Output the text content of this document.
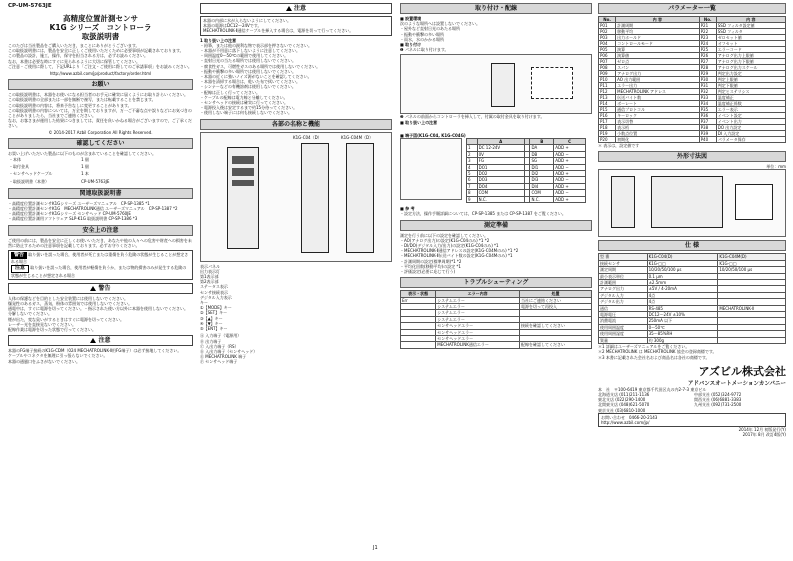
CP-UM-5763JE
高精度位置計測センサ
K1G シリーズ　コントローラ
取扱説明書
このたびは当社製品をご購入いただき，まことにありがとうございます。
この取扱説明書には，製品を安全に正しくご使用いただくために必要事項が記載されております。
この製品の設計，施工，操作，保守を担当される方は，必ずお読みください。
なお，本書は必要な時にすぐに見られるように大切に保管してください。
ご注意・ご使用に際して，下記URLより「ご注文・ご使用に際してのご承諾事項」をお読みください。
http://www.azbil.com/jp/product/factory/order.html
お願い
この取扱説明書は，本器をお使いになる担当者のお手元に確実に届くようにお取り計らいください。
この取扱説明書の全部または一部を無断で複写，または転載することを禁じます。
この取扱説明書の内容は，将来予告なしに変更することがあります。
この取扱説明書の内容については，万全を期しておりますが，万一ご不審な点や誤りなどにお気づきのことがありましたら，当社までご連絡ください。
なお，お客さまが運用した結果につきましては，責任を負いかねる場合がございますので，ご了承ください。
© 2014-2017 Azbil Corporation All Rights Reserved.
確認してください
お買い上げいただいた製品に以下のものが含まれていることを確認してください。
・本体	1 個
・取付金具	1 個
・センサヘッドケーブル	1 本
・取扱説明書（本書）	CP-UM-5763JE
関連取扱説明書
・高精度位置計測センサK1Gシリーズ ユーザーズマニュアル　CP-SP-1385 *1
・高精度位置計測センサK1G　MECHATROLINK通信 ユーザーズマニュアル　CP-SP-1387 *2
・高精度位置計測センサK1Gシリーズ センサヘッド CP-UM-5760JE
・高精度位置計測用ソフトウェア SLP-K1G 取扱説明書 CP-SP-1386 *3
安全上の注意
ご使用の前には，製品を安全に正しくお使いいただき，あなたや他の人々への危害や財産への損害を未然に防止するための注意事項を記載しております。必ずお守りください。
警告 取り扱いを誤った場合，使用者が死亡または重傷を負う危険の状態が生じることが想定される場合
注意 取り扱いを誤った場合，使用者が軽傷を負うか，または物的損害のみが発生する危険の状態が生じることが想定される場合
警告
人体の保護などを目的とした安全装置には使用しないでください。
爆発性のあるガス，蒸気，粉体の雰囲気では使用しないでください。
通電中は，すぐに電源を切ってください。・指示された使い方以外に本器を使用しないでください。
分解しないでください。
煙が出た，変な臭いがするときはすぐに電源を切ってください。
レーザー光を直接見ないでください。
配線作業は電源を切った状態で行ってください。
注意
本器のFG端子接続のK1G-CDM（024 MECHATROLINK-Ⅱ用FG端子）は必ず接地してください。
ケーブルやコネクタを無理に引っ張らないでください。
本器の通風口をふさがないでください。
注意
本器の内部に水が入らないようにしてください。
本器の電源はDC12～24Vです。
MECHATROLINK-Ⅱ通信ケーブルを挿入する場合は，電源を切って行ってください。
1 取り扱い上の注意
・鉛筆，または他の鋭利な物で表示部を押さないでください。
・本器が不用意に落下しないように注意してください。
・周囲温度0～50℃の範囲で使用してください。
・直射日光の当たる場所では使用しないでください。
・腐食性ガス，可燃性ガスのある場所では使用しないでください。
・振動や衝撃の多い場所では使用しないでください。
・本器の近くに強いノイズ源がないことを確認してください。
・本器を清掃する場合は，乾いた布で拭いてください。
・シンナーなどの有機溶剤は使用しないでください。
・配線は正しく行ってください。
・ケーブルの配線は電力線と分離してください。
・センサヘッドの接続は確実に行ってください。
・電源投入後は安定するまで約15分待ってください。
・使用しない端子には何も接続しないでください。
各部の名称と機能
K1G-C04（D）	K1G-C04M（D）
表示パネル
出力表示灯
第1表示部
第2表示部
ステータス表示
センサ接続表示
デジタル入力表示
キー
①【MODE】キー
②【SET】キー
③【▲】キー
④【▼】キー
⑤【ENT】キー
Ⓐ 入力端子（電源用）
Ⓑ 出力端子
Ⓒ 入出力端子（RS）
Ⓓ 入出力端子（センサヘッド）
Ⓔ MECHATROLINK 端子
Ⓕ センサヘッド端子
取り付け・配線
■ 設置環境
次のような場所へは設置しないでください。
・屋外など直射日光のあたる場所
・振動や衝撃の多い場所
・雨水，水のかかる場所
■ 取り付け
❶ パネルに取り付けます。
❷ パネルの前面からコントローラを挿入して，付属の取付金具を取り付けます。
■ 取り扱い上の注意
■ 端子図(K1G-C04, K1G-C04G)
	A		B	C
1	DC 12-24V		DA	ADD +
2	0V		DB	ADD −
3	FG		SG	ADD +
4	DO1		DI1	ADD −
5	DO2		DI2	ADD +
6	DO3		DI3	ADD −
7	DO4		DI4	ADD +
8	COM		COM	ADD −
9	N.C.		N.C.	ADD +
■ 参 考
・設定方法，操作手順詳細については，CP-SP-1385 または CP-SP-1387 をご覧ください。
測定準備
測定を行う前に以下の設定を確認してください。
・AO(アナログ出力)の設定(K1G-C04のみ) *1 *2
・DI/DO(デジタル入力/出力)の設定(K1G-C04のみ) *1
・MECHATROLINK-Ⅱ通信アドレスの設定(K1G-C04Mのみ) *1 *2
・MECHATROLINK-Ⅱ伝送バイト数の設定(K1G-C04Mのみ) *1
・計測周期の設定(標準周期)*1 *2
・平均化回数(移動平均)の設定 *1
・評価設定(必要に応じて行う)
トラブルシューティング
表示・状態	エラー内容	処置
Err	システムエラー	当社にご連絡ください
	システムエラー	電源を切って再投入
	システムエラー	
	システムエラー	
	センサヘッドエラー	接続を確認してください
	センサヘッドエラー	
	センサヘッドエラー	
	MECHATROLINK通信エラー	配線を確認してください
パラメーター一覧
No.	内 容	No.	内 容
P01	計測周期	P21	SSD フィルタ設定値
P02	移動平均	P22	SSD フィルタ
P03	出力ホールド	P23	ゼロセット値
P04	コントロールモード	P24	オフセット
P05	演算	P25	エラーコード
P06	演算値	P26	アナログ出力上限値
P07	ゼロ点	P27	アナログ出力下限値
P08	スパン	P28	アナログ出力スケール
P09	アナログ出力	P29	判定出力設定
P10	AO 出力範囲	P30	判定上限値
P11	エラー出力	P31	判定下限値
P12	MECHATROLINK アドレス	P32	判定ヒステリシス
P13	伝送バイト数	P33	温度補正
P14	ボーレート	P34	温度補正係数
P15	通信プロトコル	P35	エラー表示
P16	キーロック	P36	イベント設定
P17	表示切替	P37	イベント出力
P18	表示桁	P38	DO 出力設定
P19	小数点位置	P39	DI 入力設定
P20	初期化	P40	パラメータ保存
＊ 表示は，設定値です
外形寸法図
単位：mm
仕 様
型 番	K1G-C04(D)	K1G-C04M(D)
接続センサ	K1G-□□	K1G-□□
測定周期	10/20/50/100 μs	10/20/50/100 μs
最小表示単位	0.1 μm	
計測範囲	±2.5mm	
アナログ出力	±5V / 4-20mA	
デジタル入力	4点	
デジタル出力	4点	
通信	RS-485	MECHATROLINK-Ⅱ
電源電圧	DC12～24V ±10%	
消費電流	250mA 以下	
使用周囲温度	0～50℃	
使用周囲湿度	35～85%RH	
質量	約 300g	
＊1 詳細はユーザーズマニュアルをご覧ください。
＊2 MECHATROLINK は MECHATROLINK 協会の登録商標です。
＊3 本書に記載された会社名および商品名は各社の商標です。
アズビル株式会社
アドバンスオートメーションカンパニー
本　社　〒100-6419 東京都千代田区丸の内2-7-3 東京ビル
北海道支店 (011)211-1136
東北支店 (022)290-1400
北関東支店 (048)621-5070
東京支社 (03)6810-1000
中部支社 (052)324-9772
関西支社 (06)6881-3383
九州支社 (092)731-2500
お問い合わせ　0466-20-2143
http://www.azbil.com/jp/
2014年 12月 初版発行(Y)
2017年 8月 改訂4版(Y)
J1
